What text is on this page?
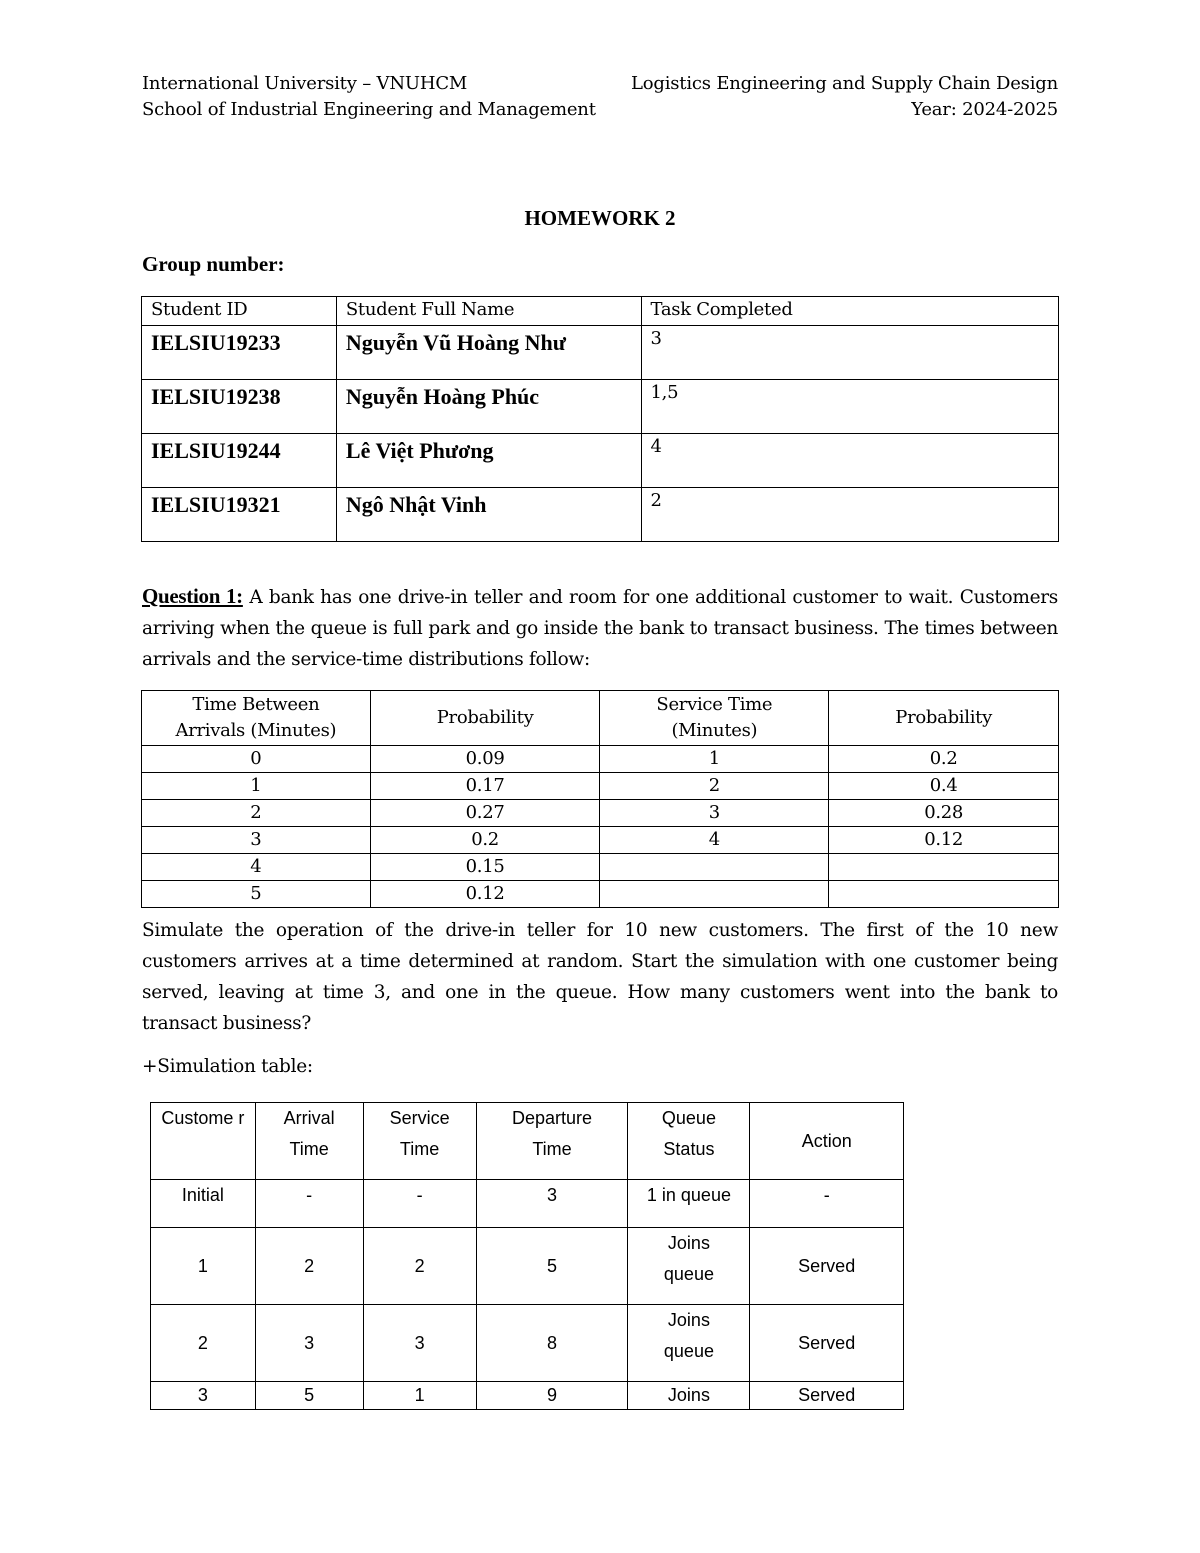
International University – VNUHCM
School of Industrial Engineering and Management
Logistics Engineering and Supply Chain Design
Year: 2024-2025
HOMEWORK 2
Group number:
Student ID	Student Full Name	Task Completed
IELSIU19233	Nguyễn Vũ Hoàng Như	3
IELSIU19238	Nguyễn Hoàng Phúc	1,5
IELSIU19244	Lê Việt Phương	4
IELSIU19321	Ngô Nhật Vinh	2
Question 1: A bank has one drive-in teller and room for one additional customer to wait. Customers arriving when the queue is full park and go inside the bank to transact business. The times between arrivals and the service-time distributions follow:
Time Between Arrivals (Minutes)	Probability	Service Time (Minutes)	Probability
0	0.09	1	0.2
1	0.17	2	0.4
2	0.27	3	0.28
3	0.2	4	0.12
4	0.15		
5	0.12		
Simulate the operation of the drive-in teller for 10 new customers. The first of the 10 new customers arrives at a time determined at random. Start the simulation with one customer being served, leaving at time 3, and one in the queue. How many customers went into the bank to transact business?
+Simulation table:
Custome r	Arrival Time	Service Time	Departure Time	Queue Status	Action
Initial	-	-	3	1 in queue	-
1	2	2	5	Joins queue	Served
2	3	3	8	Joins queue	Served
3	5	1	9	Joins	Served
